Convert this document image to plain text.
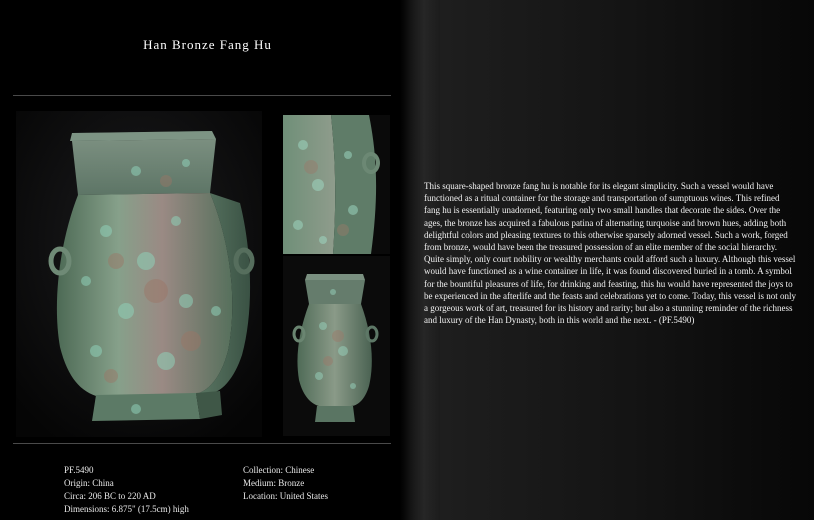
Han Bronze Fang Hu
PF.5490
Origin: China
Circa: 206 BC to 220 AD
Dimensions: 6.875" (17.5cm) high
Collection: Chinese
Medium: Bronze
Location: United States
This square-shaped bronze fang hu is notable for its elegant simplicity. Such a vessel would have functioned as a ritual container for the storage and transportation of sumptuous wines. This refined fang hu is essentially unadorned, featuring only two small handles that decorate the sides. Over the ages, the bronze has acquired a fabulous patina of alternating turquoise and brown hues, adding both delightful colors and pleasing textures to this otherwise sparsely adorned vessel. Such a work, forged from bronze, would have been the treasured possession of an elite member of the social hierarchy. Quite simply, only court nobility or wealthy merchants could afford such a luxury. Although this vessel would have functioned as a wine container in life, it was found discovered buried in a tomb. A symbol for the bountiful pleasures of life, for drinking and feasting, this hu would have represented the joys to be experienced in the afterlife and the feasts and celebrations yet to come. Today, this vessel is not only a gorgeous work of art, treasured for its history and rarity; but also a stunning reminder of the richness and luxury of the Han Dynasty, both in this world and the next. - (PF.5490)
